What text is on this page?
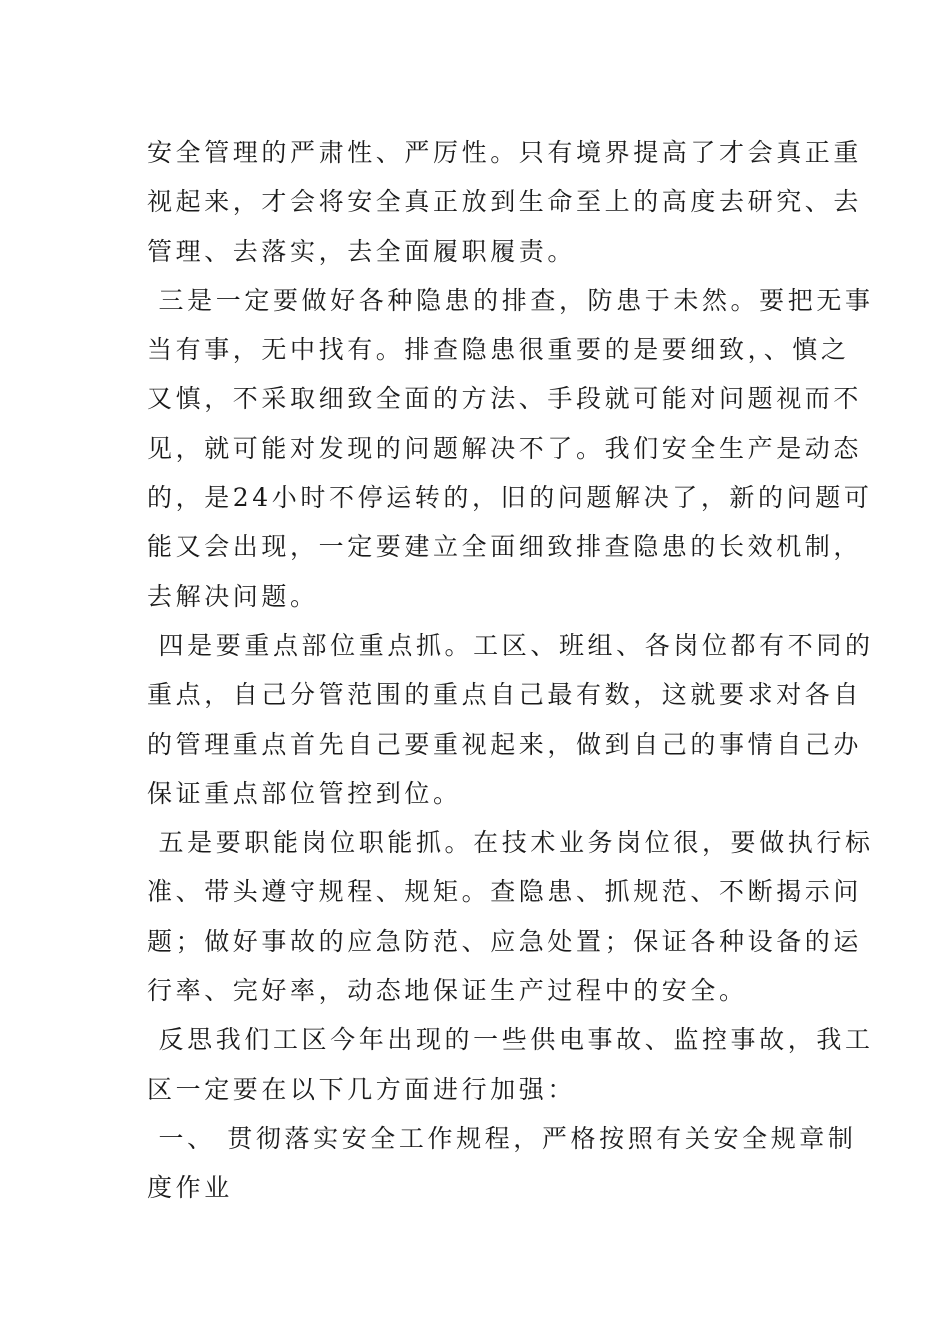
安全管理的严肃性、严厉性。只有境界提高了才会真正重
视起来，才会将安全真正放到生命至上的高度去研究、去
管理、去落实，去全面履职履责。
三是一定要做好各种隐患的排查，防患于未然。要把无事
当有事，无中找有。排查隐患很重要的是要细致，、慎之
又慎，不采取细致全面的方法、手段就可能对问题视而不
见，就可能对发现的问题解决不了。我们安全生产是动态
的，是24小时不停运转的，旧的问题解决了，新的问题可
能又会出现，一定要建立全面细致排查隐患的长效机制，
去解决问题。
四是要重点部位重点抓。工区、班组、各岗位都有不同的
重点，自己分管范围的重点自己最有数，这就要求对各自
的管理重点首先自己要重视起来，做到自己的事情自己办
保证重点部位管控到位。
五是要职能岗位职能抓。在技术业务岗位很，要做执行标
准、带头遵守规程、规矩。查隐患、抓规范、不断揭示问
题；做好事故的应急防范、应急处置；保证各种设备的运
行率、完好率，动态地保证生产过程中的安全。
反思我们工区今年出现的一些供电事故、监控事故，我工
区一定要在以下几方面进行加强：
一、 贯彻落实安全工作规程，严格按照有关安全规章制
度作业
